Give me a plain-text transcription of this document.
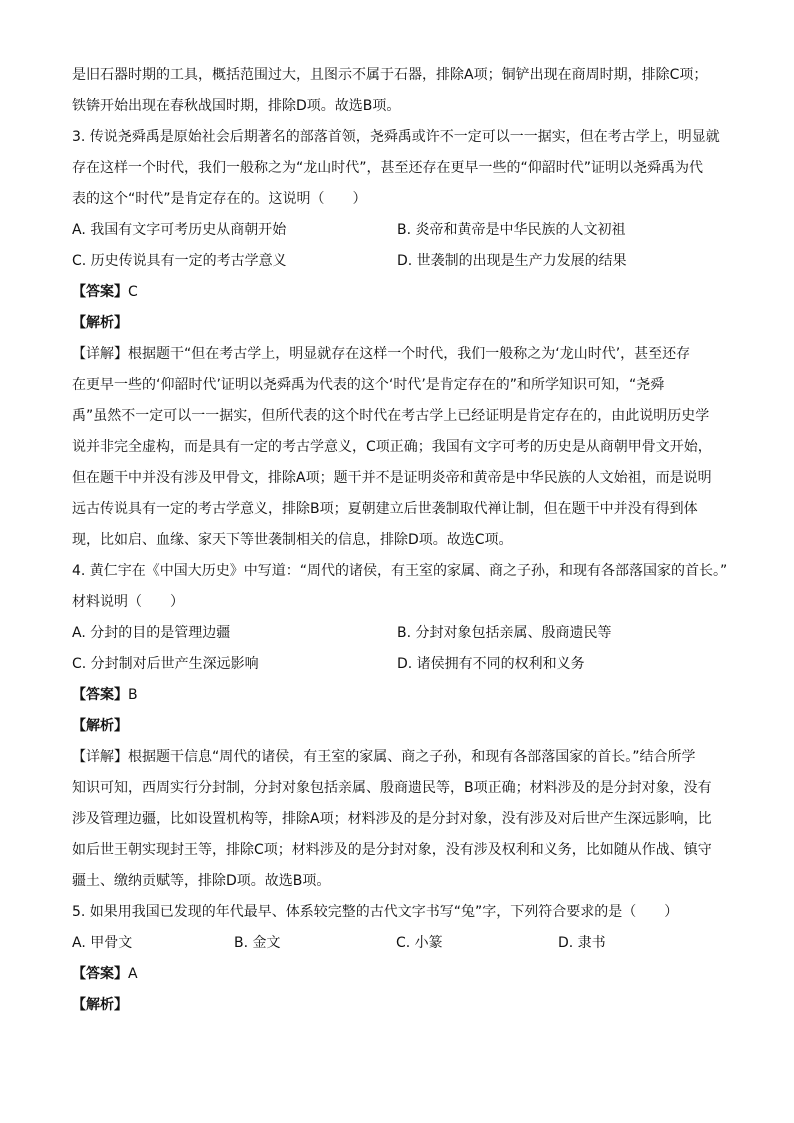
是旧石器时期的工具，概括范围过大，且图示不属于石器，排除A项；铜铲出现在商周时期，排除C项；
铁锛开始出现在春秋战国时期，排除D项。故选B项。
3. 传说尧舜禹是原始社会后期著名的部落首领，尧舜禹或许不一定可以一一据实，但在考古学上，明显就
存在这样一个时代，我们一般称之为“龙山时代”，甚至还存在更早一些的“仰韶时代”证明以尧舜禹为代
表的这个“时代”是肯定存在的。这说明（　　）
A. 我国有文字可考历史从商朝开始	B. 炎帝和黄帝是中华民族的人文初祖
C. 历史传说具有一定的考古学意义	D. 世袭制的出现是生产力发展的结果
【答案】C
【解析】
【详解】根据题干“但在考古学上，明显就存在这样一个时代，我们一般称之为‘龙山时代’，甚至还存
在更早一些的‘仰韶时代’证明以尧舜禹为代表的这个‘时代’是肯定存在的”和所学知识可知，“尧舜
禹”虽然不一定可以一一据实，但所代表的这个时代在考古学上已经证明是肯定存在的，由此说明历史学
说并非完全虚构，而是具有一定的考古学意义，C项正确；我国有文字可考的历史是从商朝甲骨文开始，
但在题干中并没有涉及甲骨文，排除A项；题干并不是证明炎帝和黄帝是中华民族的人文始祖，而是说明
远古传说具有一定的考古学意义，排除B项；夏朝建立后世袭制取代禅让制，但在题干中并没有得到体
现，比如启、血缘、家天下等世袭制相关的信息，排除D项。故选C项。
4. 黄仁宇在《中国大历史》中写道：“周代的诸侯，有王室的家属、商之子孙，和现有各部落国家的首长。”
材料说明（　　）
A. 分封的目的是管理边疆	B. 分封对象包括亲属、殷商遗民等
C. 分封制对后世产生深远影响	D. 诸侯拥有不同的权利和义务
【答案】B
【解析】
【详解】根据题干信息“周代的诸侯，有王室的家属、商之子孙，和现有各部落国家的首长。”结合所学
知识可知，西周实行分封制，分封对象包括亲属、殷商遗民等，B项正确；材料涉及的是分封对象，没有
涉及管理边疆，比如设置机构等，排除A项；材料涉及的是分封对象，没有涉及对后世产生深远影响，比
如后世王朝实现封王等，排除C项；材料涉及的是分封对象，没有涉及权利和义务，比如随从作战、镇守
疆土、缴纳贡赋等，排除D项。故选B项。
5. 如果用我国已发现的年代最早、体系较完整的古代文字书写“兔”字，下列符合要求的是（　　）
A. 甲骨文	B. 金文	C. 小篆	D. 隶书
【答案】A
【解析】
